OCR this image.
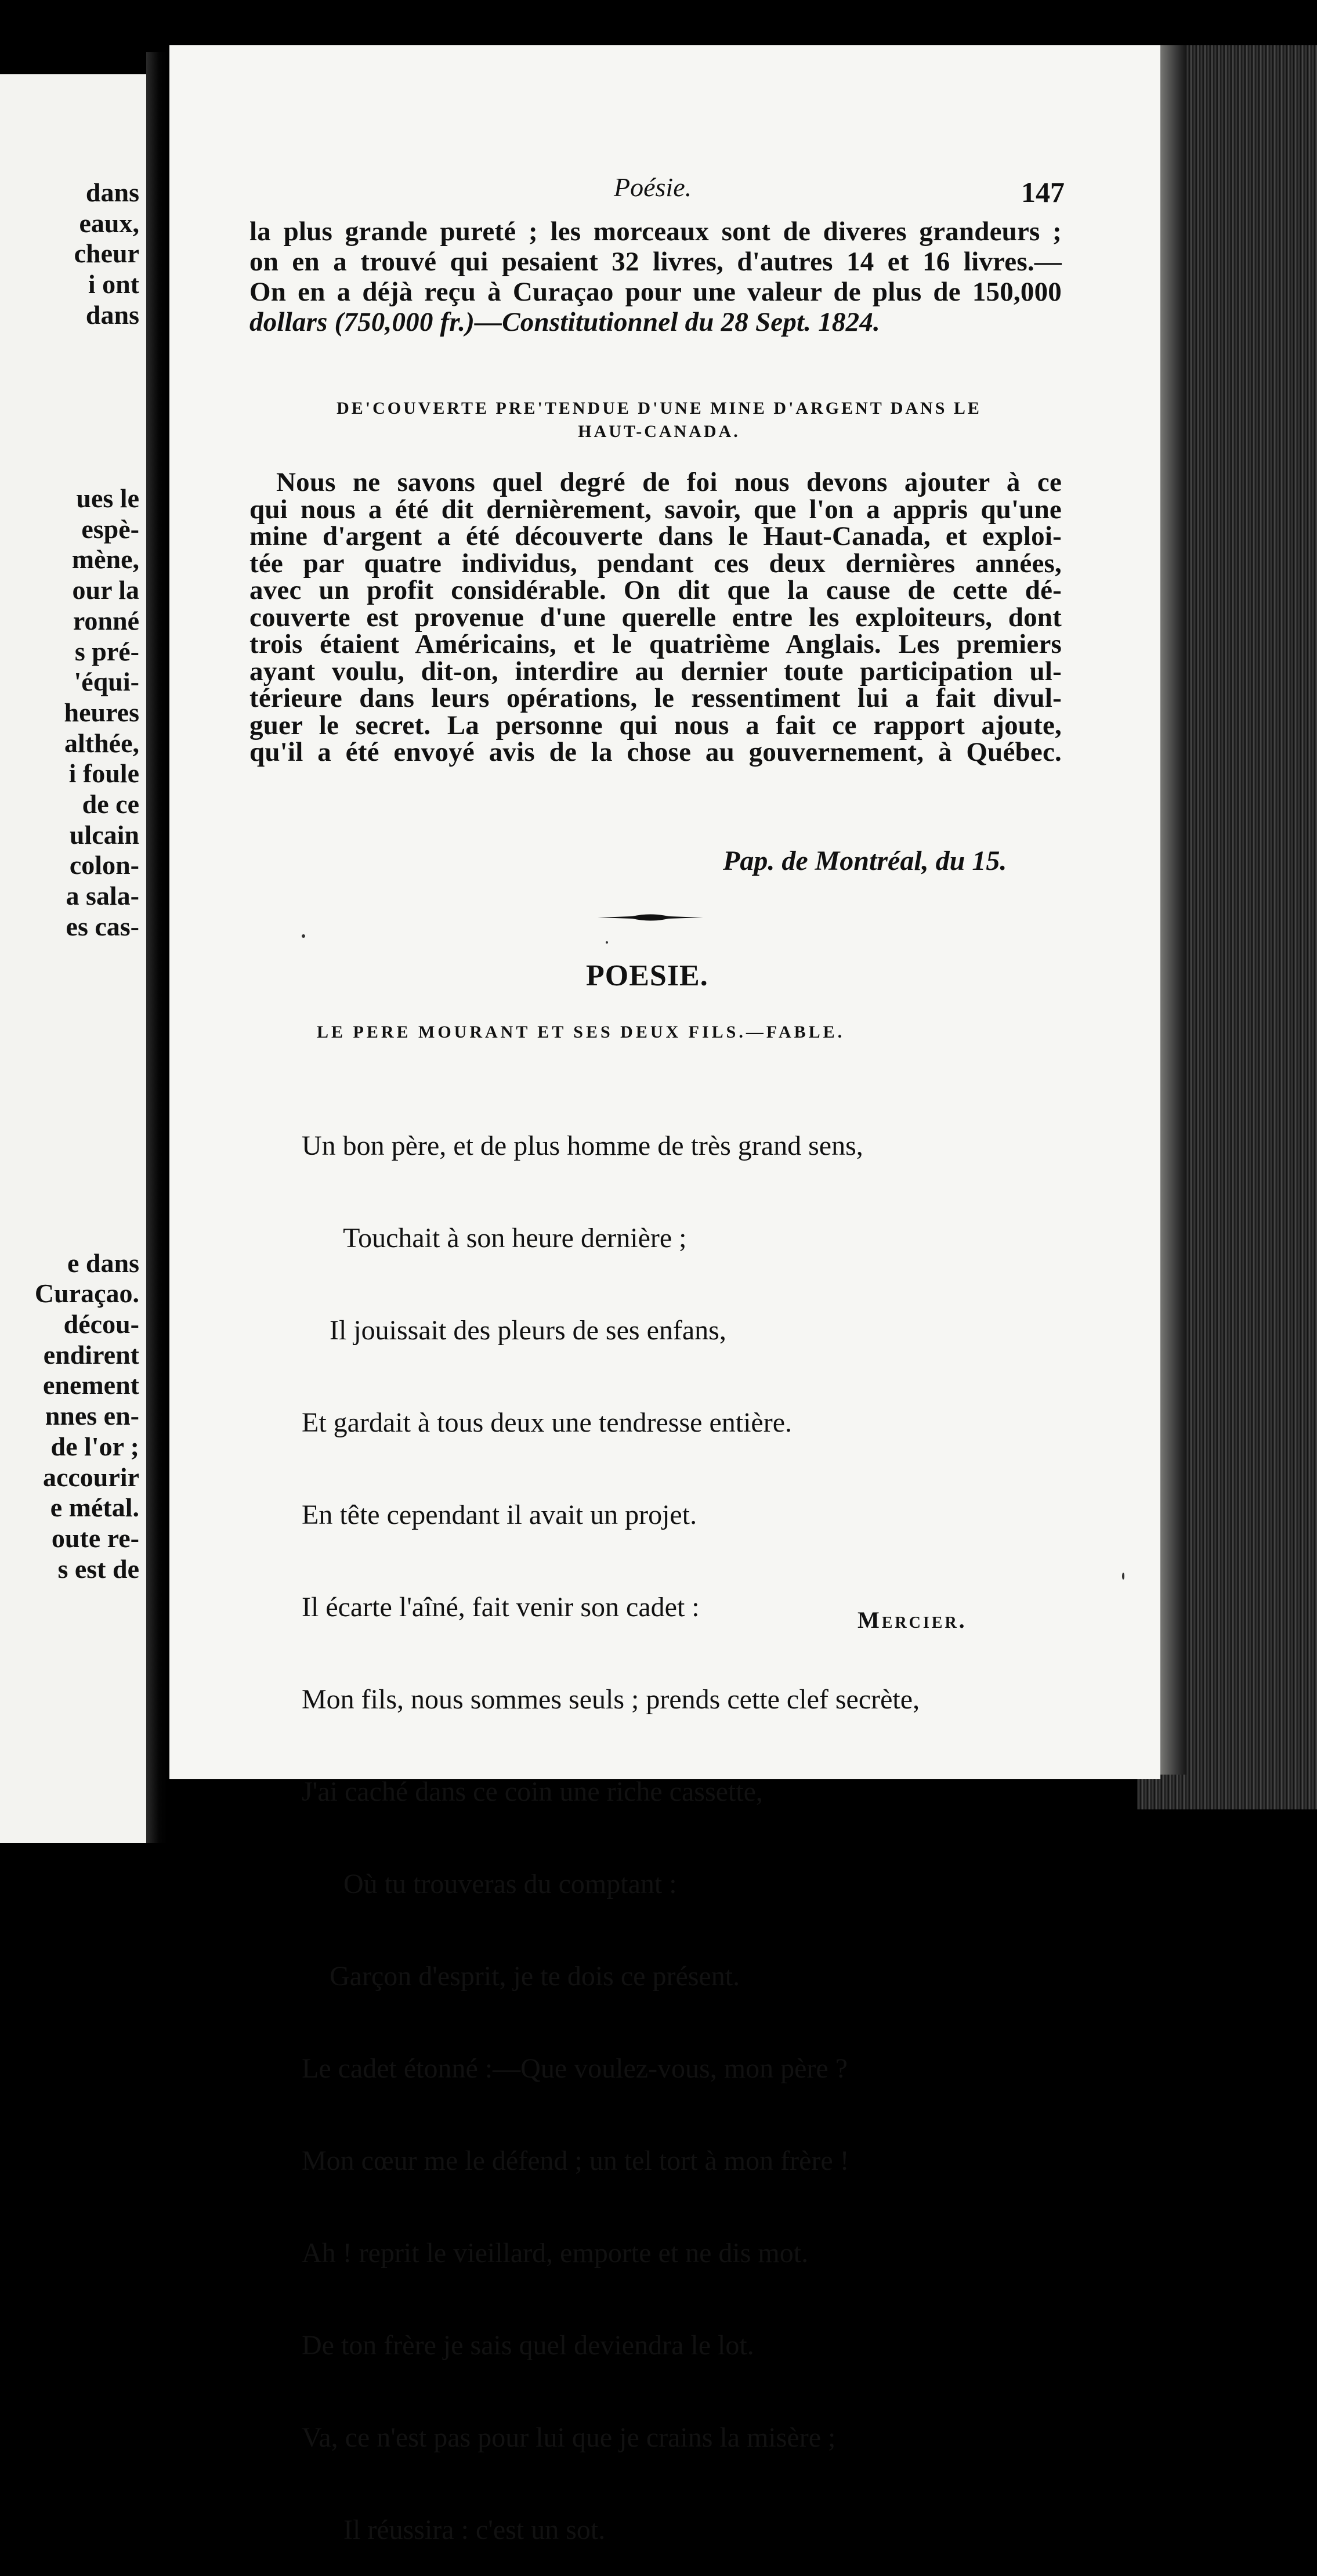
dans
eaux,
cheur
i ont
dans

ues le
espè-
mène,
our la
ronné
s pré-
'équi-
heures
althée,
i foule
de ce
ulcain
colon-
a sala-
es cas-

e dans
Curaçao.
décou-
endirent
enement
nnes en-
de l'or ;
accourir
e métal.
oute re-
s est de
Poésie.	147
la plus grande pureté ; les morceaux sont de diveres grandeurs ;
on en a trouvé qui pesaient 32 livres, d'autres 14 et 16 livres.—
On en a déjà reçu à Curaçao pour une valeur de plus de 150,000
dollars (750,000 fr.)—Constitutionnel du 28 Sept. 1824.
DE'COUVERTE PRE'TENDUE D'UNE MINE D'ARGENT DANS LE
HAUT-CANADA.
Nous ne savons quel degré de foi nous devons ajouter à ce
qui nous a été dit dernièrement, savoir, que l'on a appris qu'une
mine d'argent a été découverte dans le Haut-Canada, et exploi-
tée par quatre individus, pendant ces deux dernières années,
avec un profit considérable. On dit que la cause de cette dé-
couverte est provenue d'une querelle entre les exploiteurs, dont
trois étaient Américains, et le quatrième Anglais. Les premiers
ayant voulu, dit-on, interdire au dernier toute participation ul-
térieure dans leurs opérations, le ressentiment lui a fait divul-
guer le secret. La personne qui nous a fait ce rapport ajoute,
qu'il a été envoyé avis de la chose au gouvernement, à Québec.
Pap. de Montréal, du 15.
POESIE.
LE PERE MOURANT ET SES DEUX FILS.—FABLE.

Un bon père, et de plus homme de très grand sens,

Touchait à son heure dernière ;

Il jouissait des pleurs de ses enfans,

Et gardait à tous deux une tendresse entière.

En tête cependant il avait un projet.

Il écarte l'aîné, fait venir son cadet :

Mon fils, nous sommes seuls ; prends cette clef secrète,

J'ai caché dans ce coin une riche cassette,

Où tu trouveras du comptant :

Garçon d'esprit, je te dois ce présent.

Le cadet étonné :—Que voulez-vous, mon père ?

Mon cœur me le défend ; un tel tort à mon frère !

Ah ! reprit le vieillard, emporte et ne dis mot.

De ton frère je sais quel deviendra le lot.

Va, ce n'est pas pour lui que je crains la misère ;

Il réussira : c'est un sot.

Mercier.
